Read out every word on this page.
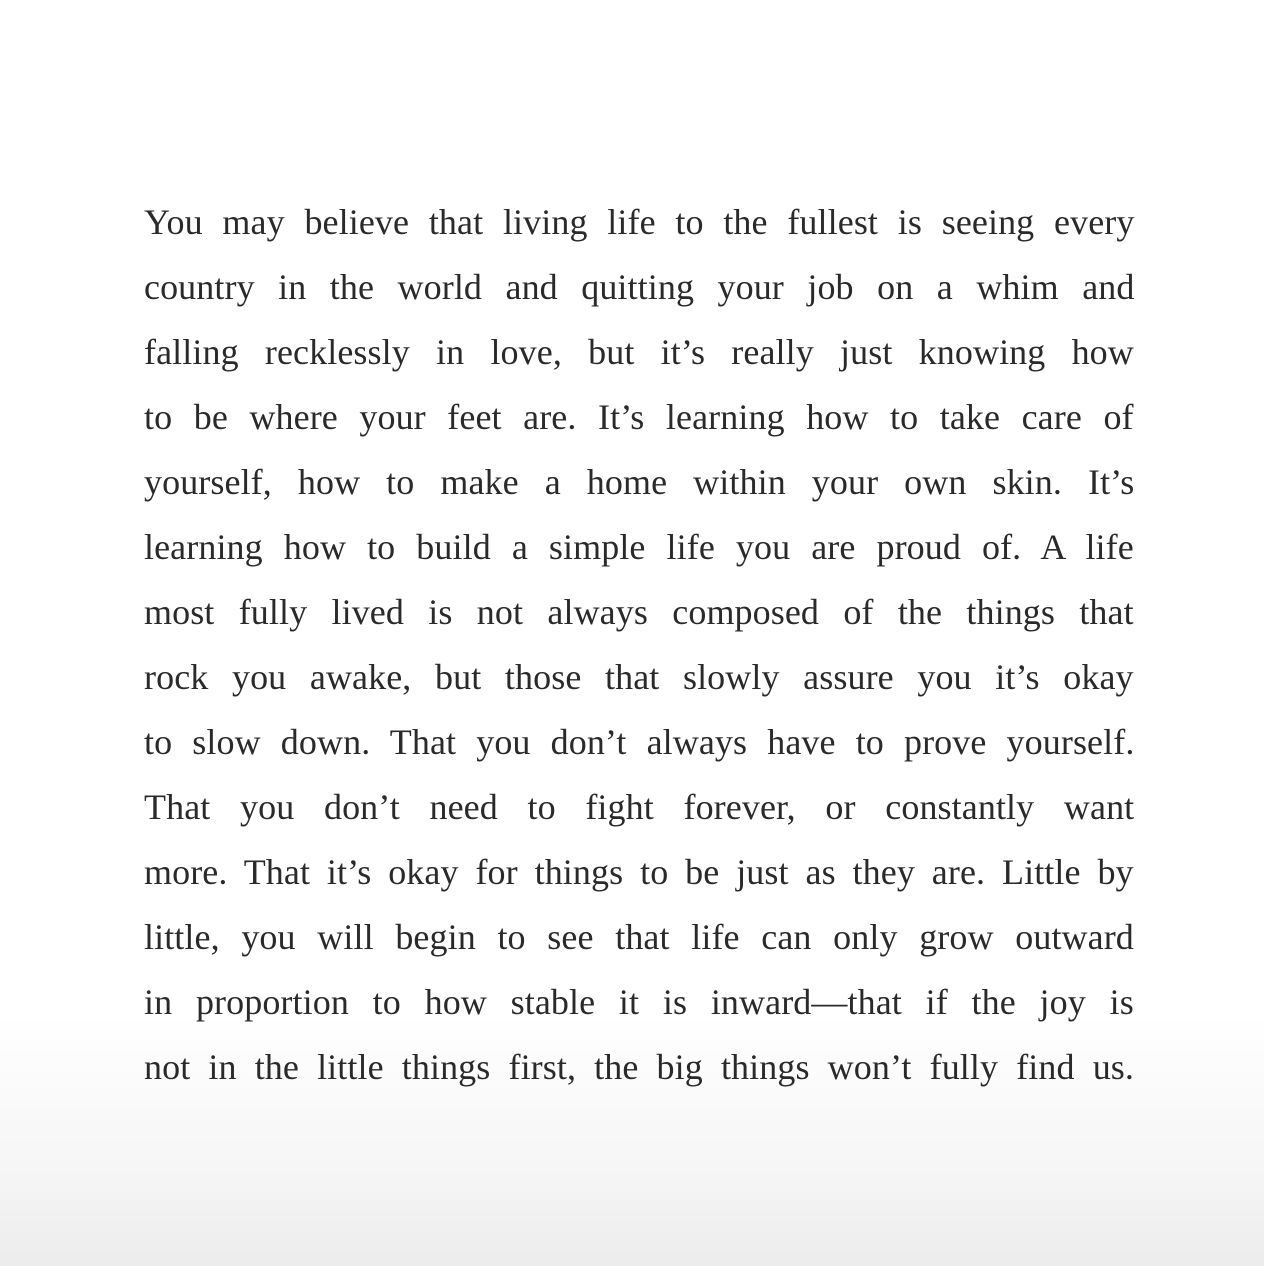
You may believe that living life to the fullest is seeing every
country in the world and quitting your job on a whim and
falling recklessly in love, but it’s really just knowing how
to be where your feet are. It’s learning how to take care of
yourself, how to make a home within your own skin. It’s
learning how to build a simple life you are proud of. A life
most fully lived is not always composed of the things that
rock you awake, but those that slowly assure you it’s okay
to slow down. That you don’t always have to prove yourself.
That you don’t need to fight forever, or constantly want
more. That it’s okay for things to be just as they are. Little by
little, you will begin to see that life can only grow outward
in proportion to how stable it is inward—that if the joy is
not in the little things first, the big things won’t fully find us.
